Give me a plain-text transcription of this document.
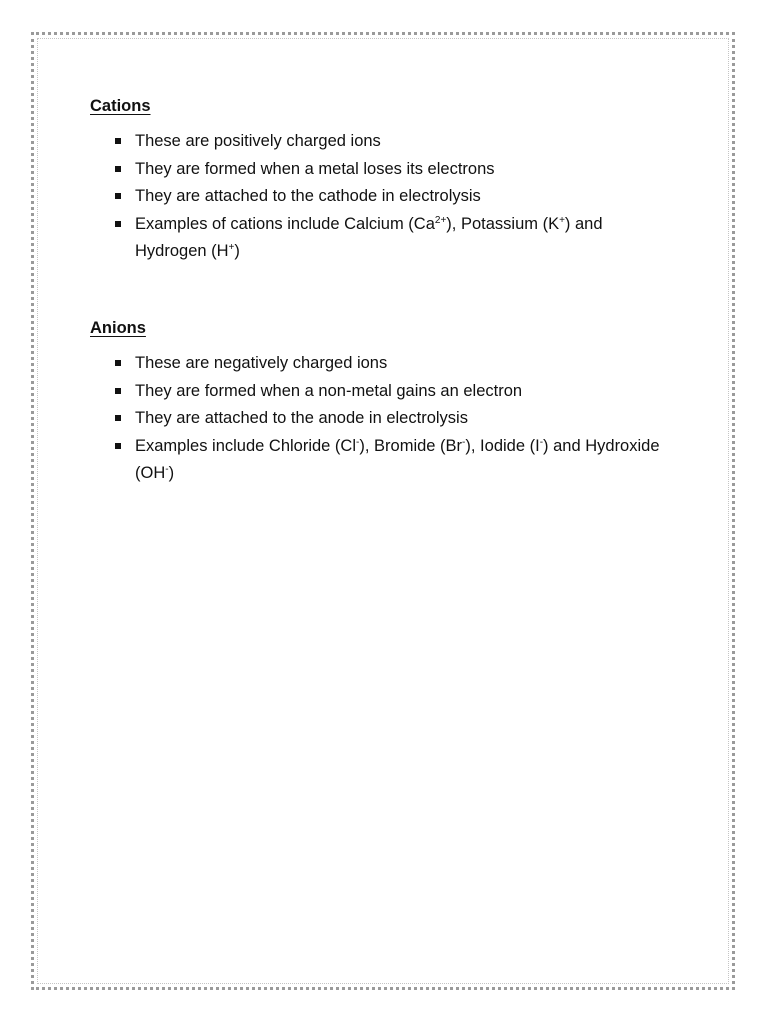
Cations
These are positively charged ions
They are formed when a metal loses its electrons
They are attached to the cathode in electrolysis
Examples of cations include Calcium $(Ca^{2+})$, Potassium (K+) and Hydrogen (H+)
Anions
These are negatively charged ions
They are formed when a non-metal gains an electron
They are attached to the anode in electrolysis
Examples include Chloride (Cl-), Bromide (Br-), Iodide (I-) and Hydroxide (OH-)
